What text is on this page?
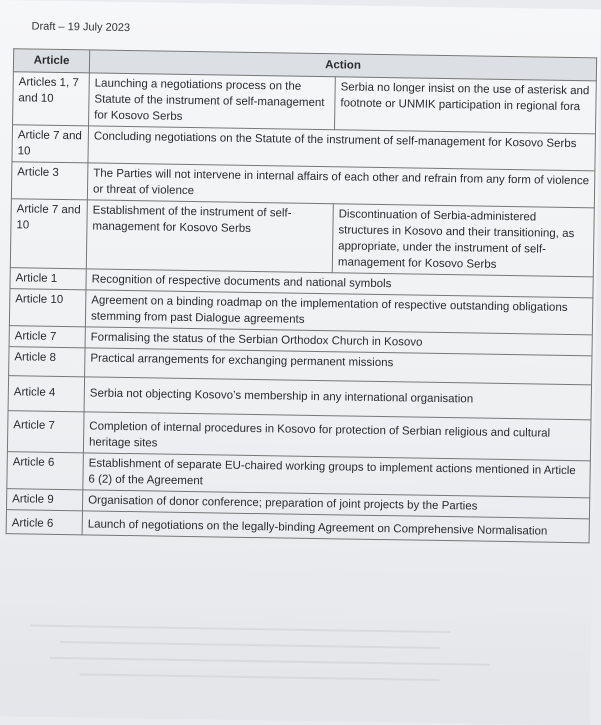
Draft – 19 July 2023
Article	Action	
Articles 1, 7 and 10	Launching a negotiations process on the Statute of the instrument of self-management for Kosovo Serbs	Serbia no longer insist on the use of asterisk and footnote or UNMIK participation in regional fora
Article 7 and 10	Concluding negotiations on the Statute of the instrument of self-management for Kosovo Serbs	
Article 3	The Parties will not intervene in internal affairs of each other and refrain from any form of violence or threat of violence	
Article 7 and 10	Establishment of the instrument of self-management for Kosovo Serbs	Discontinuation of Serbia-administered structures in Kosovo and their transitioning, as appropriate, under the instrument of self-management for Kosovo Serbs
Article 1	Recognition of respective documents and national symbols	
Article 10	Agreement on a binding roadmap on the implementation of respective outstanding obligations stemming from past Dialogue agreements	
Article 7	Formalising the status of the Serbian Orthodox Church in Kosovo	
Article 8	Practical arrangements for exchanging permanent missions	
Article 4	Serbia not objecting Kosovo’s membership in any international organisation	
Article 7	Completion of internal procedures in Kosovo for protection of Serbian religious and cultural heritage sites	
Article 6	Establishment of separate EU-chaired working groups to implement actions mentioned in Article 6 (2) of the Agreement	
Article 9	Organisation of donor conference; preparation of joint projects by the Parties	
Article 6	Launch of negotiations on the legally-binding Agreement on Comprehensive Normalisation	
